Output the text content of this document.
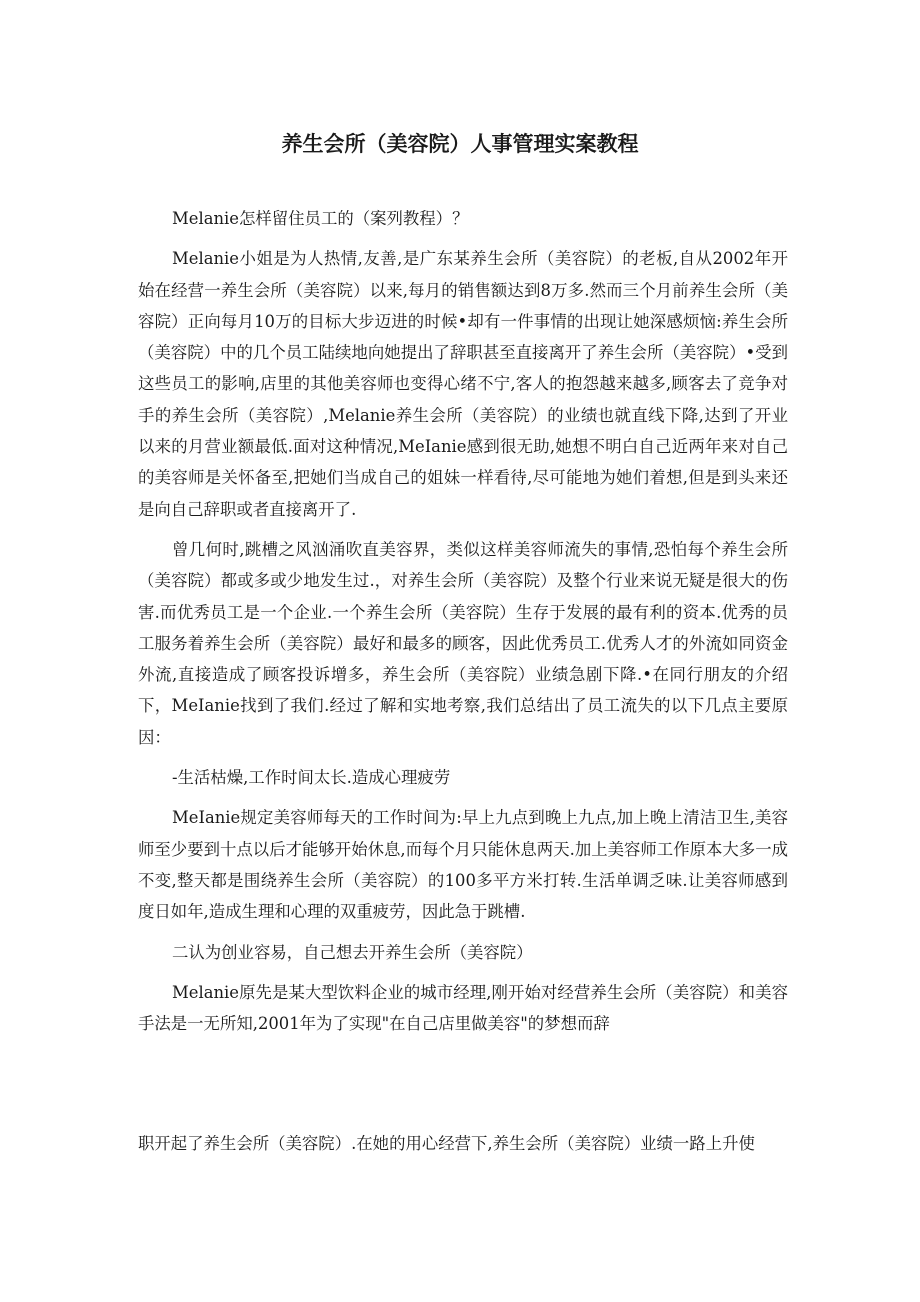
养生会所（美容院）人事管理实案教程

Melanie怎样留住员工的（案列教程）？

Melanie小姐是为人热情,友善,是广东某养生会所（美容院）的老板,自从2002年开始在经营一养生会所（美容院）以来,每月的销售额达到8万多.然而三个月前养生会所（美容院）正向每月10万的目标大步迈进的时候•却有一件事情的出现让她深感烦恼:养生会所（美容院）中的几个员工陆续地向她提出了辞职甚至直接离开了养生会所（美容院）•受到这些员工的影响,店里的其他美容师也变得心绪不宁,客人的抱怨越来越多,顾客去了竞争对手的养生会所（美容院）,Melanie养生会所（美容院）的业绩也就直线下降,达到了开业以来的月营业额最低.面对这种情况,MeIanie感到很无助,她想不明白自己近两年来对自己的美容师是关怀备至,把她们当成自己的姐妹一样看待,尽可能地为她们着想,但是到头来还是向自己辞职或者直接离开了.

曾几何时,跳槽之风汹涌吹直美容界，类似这样美容师流失的事情,恐怕每个养生会所（美容院）都或多或少地发生过.，对养生会所（美容院）及整个行业来说无疑是很大的伤害.而优秀员工是一个企业.一个养生会所（美容院）生存于发展的最有利的资本.优秀的员工服务着养生会所（美容院）最好和最多的顾客，因此优秀员工.优秀人才的外流如同资金外流,直接造成了顾客投诉增多，养生会所（美容院）业绩急剧下降.•在同行朋友的介绍下，MeIanie找到了我们.经过了解和实地考察,我们总结出了员工流失的以下几点主要原因：

-生活枯燥,工作时间太长.造成心理疲劳

MeIanie规定美容师每天的工作时间为:早上九点到晚上九点,加上晚上清洁卫生,美容师至少要到十点以后才能够开始休息,而每个月只能休息两天.加上美容师工作原本大多一成不变,整天都是围绕养生会所（美容院）的100多平方米打转.生活单调乏味.让美容师感到度日如年,造成生理和心理的双重疲劳，因此急于跳槽.

二认为创业容易，自己想去开养生会所（美容院）

Melanie原先是某大型饮料企业的城市经理,刚开始对经营养生会所（美容院）和美容手法是一无所知,2001年为了实现"在自己店里做美容"的梦想而辞

职开起了养生会所（美容院）.在她的用心经营下,养生会所（美容院）业绩一路上升使
